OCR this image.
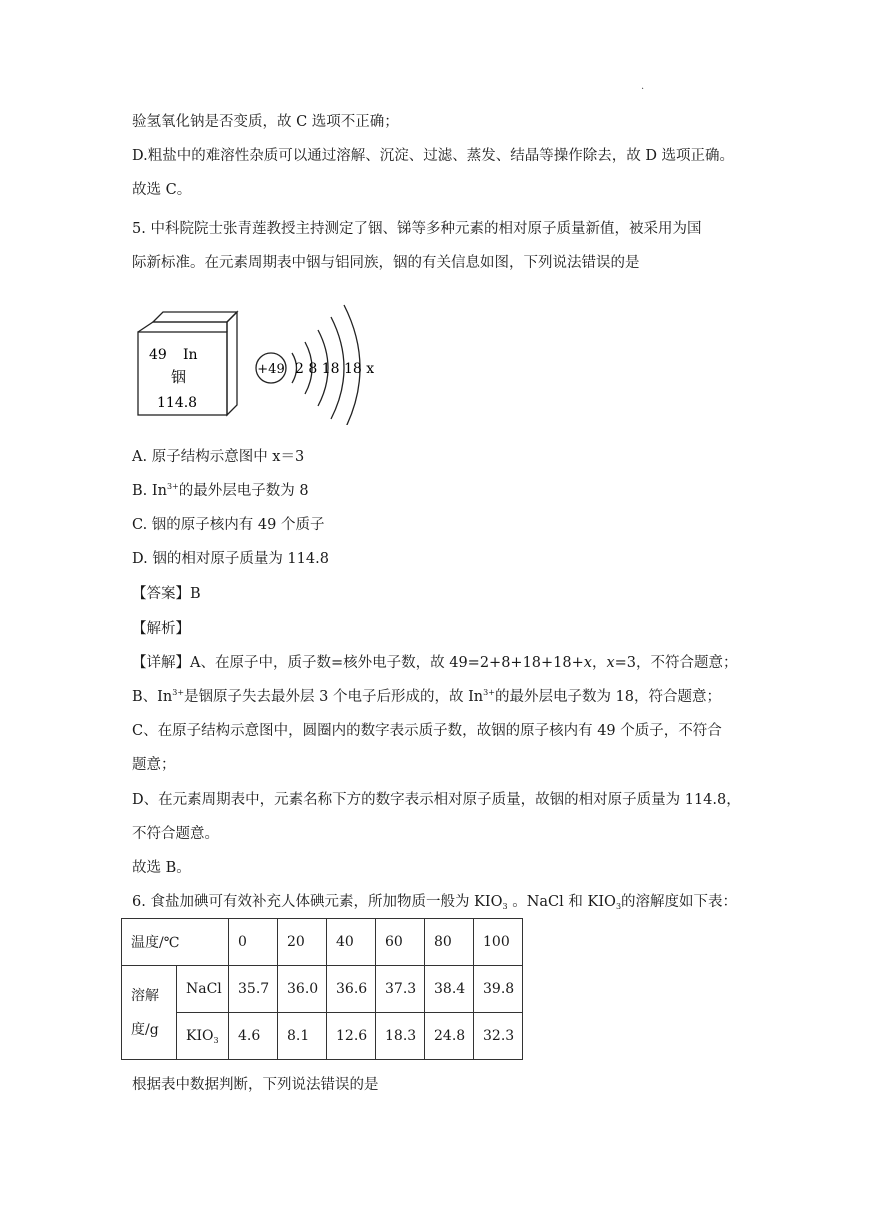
·
验氢氧化钠是否变质，故 C 选项不正确；
D.粗盐中的难溶性杂质可以通过溶解、沉淀、过滤、蒸发、结晶等操作除去，故 D 选项正确。
故选 C。
5. 中科院院士张青莲教授主持测定了铟、锑等多种元素的相对原子质量新值，被采用为国
际新标准。在元素周期表中铟与铝同族，铟的有关信息如图，下列说法错误的是
49 In
铟
114.8
+49 2 8 18 18 x
A. 原子结构示意图中 x＝3
B. $In^{3+}$的最外层电子数为 8
C. 铟的原子核内有 49 个质子
D. 铟的相对原子质量为 114.8
【答案】B
【解析】
【详解】A、在原子中，质子数=核外电子数，故 49=2+8+18+18+x，x=3，不符合题意；
B、$In^{3+}$是铟原子失去最外层 3 个电子后形成的，故 $In^{3+}$的最外层电子数为 18，符合题意；
C、在原子结构示意图中，圆圈内的数字表示质子数，故铟的原子核内有 49 个质子，不符合
题意；
D、在元素周期表中，元素名称下方的数字表示相对原子质量，故铟的相对原子质量为 114.8，
不符合题意。
故选 B。
6. 食盐加碘可有效补充人体碘元素，所加物质一般为 $KIO_3$ 。NaCl 和 $KIO_3$的溶解度如下表：
温度/℃		0	20	40	60	80	100
溶解
度/g	NaCl	35.7	36.0	36.6	37.3	38.4	39.8
	$KIO_3$	4.6	8.1	12.6	18.3	24.8	32.3
根据表中数据判断，下列说法错误的是
